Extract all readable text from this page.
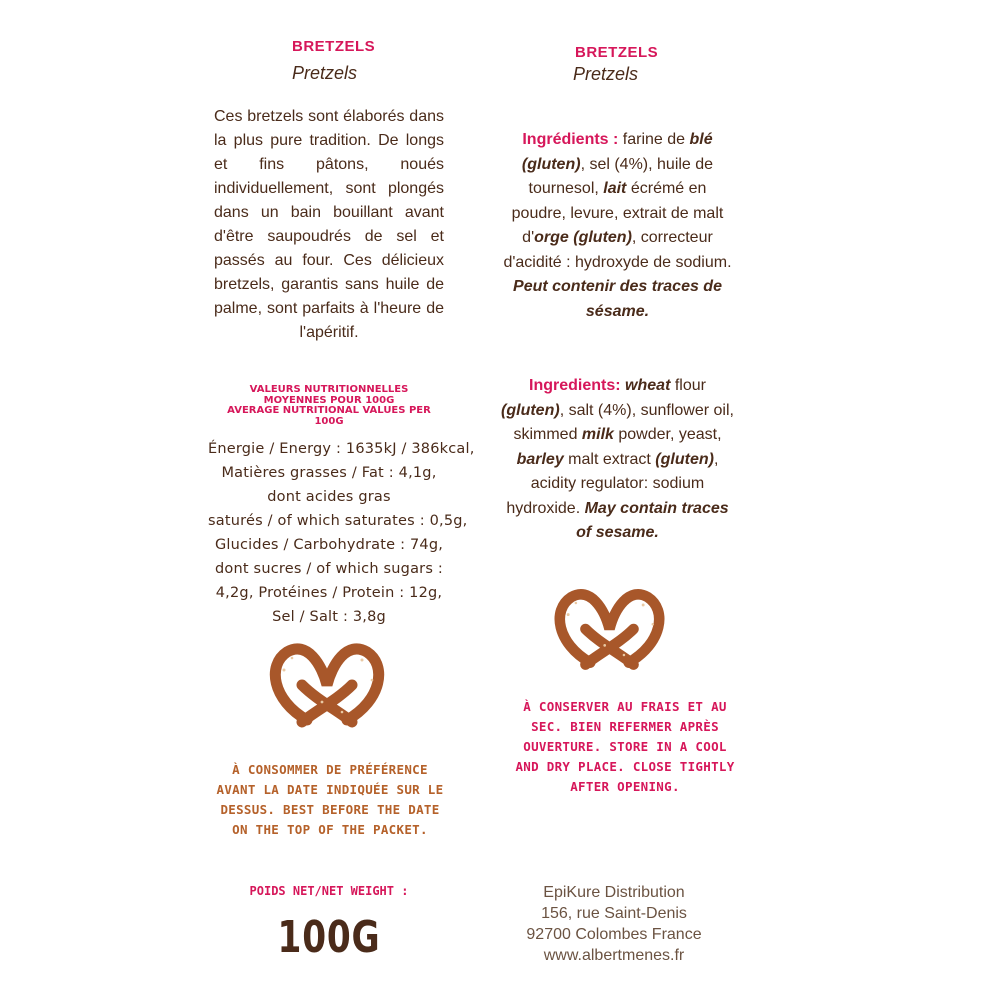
BRETZELS
Pretzels
Ces bretzels sont élaborés dans la plus pure tradition. De longs et fins pâtons, noués individuellement, sont plongés dans un bain bouillant avant d'être saupoudrés de sel et passés au four. Ces délicieux bretzels, garantis sans huile de palme, sont parfaits à l'heure de l'apéritif.
VALEURS NUTRITIONNELLES
MOYENNES POUR 100G
AVERAGE NUTRITIONAL VALUES PER
100G
Énergie / Energy : 1635kJ / 386kcal,
Matières grasses / Fat : 4,1g,
dont acides gras
saturés / of which saturates : 0,5g,
Glucides / Carbohydrate : 74g,
dont sucres / of which sugars :
4,2g, Protéines / Protein : 12g,
Sel / Salt : 3,8g
À CONSOMMER DE PRÉFÉRENCE
AVANT LA DATE INDIQUÉE SUR LE
DESSUS. BEST BEFORE THE DATE
ON THE TOP OF THE PACKET.
POIDS NET/NET WEIGHT :
100G
BRETZELS
Pretzels
Ingrédients : farine de blé (gluten), sel (4%), huile de tournesol, lait écrémé en poudre, levure, extrait de malt d'orge (gluten), correcteur d'acidité : hydroxyde de sodium. Peut contenir des traces de sésame.
Ingredients: wheat flour (gluten), salt (4%), sunflower oil, skimmed milk powder, yeast, barley malt extract (gluten), acidity regulator: sodium hydroxide. May contain traces of sesame.
À CONSERVER AU FRAIS ET AU
SEC. BIEN REFERMER APRÈS
OUVERTURE. STORE IN A COOL
AND DRY PLACE. CLOSE TIGHTLY
AFTER OPENING.
EpiKure Distribution
156, rue Saint-Denis
92700 Colombes France
www.albertmenes.fr
